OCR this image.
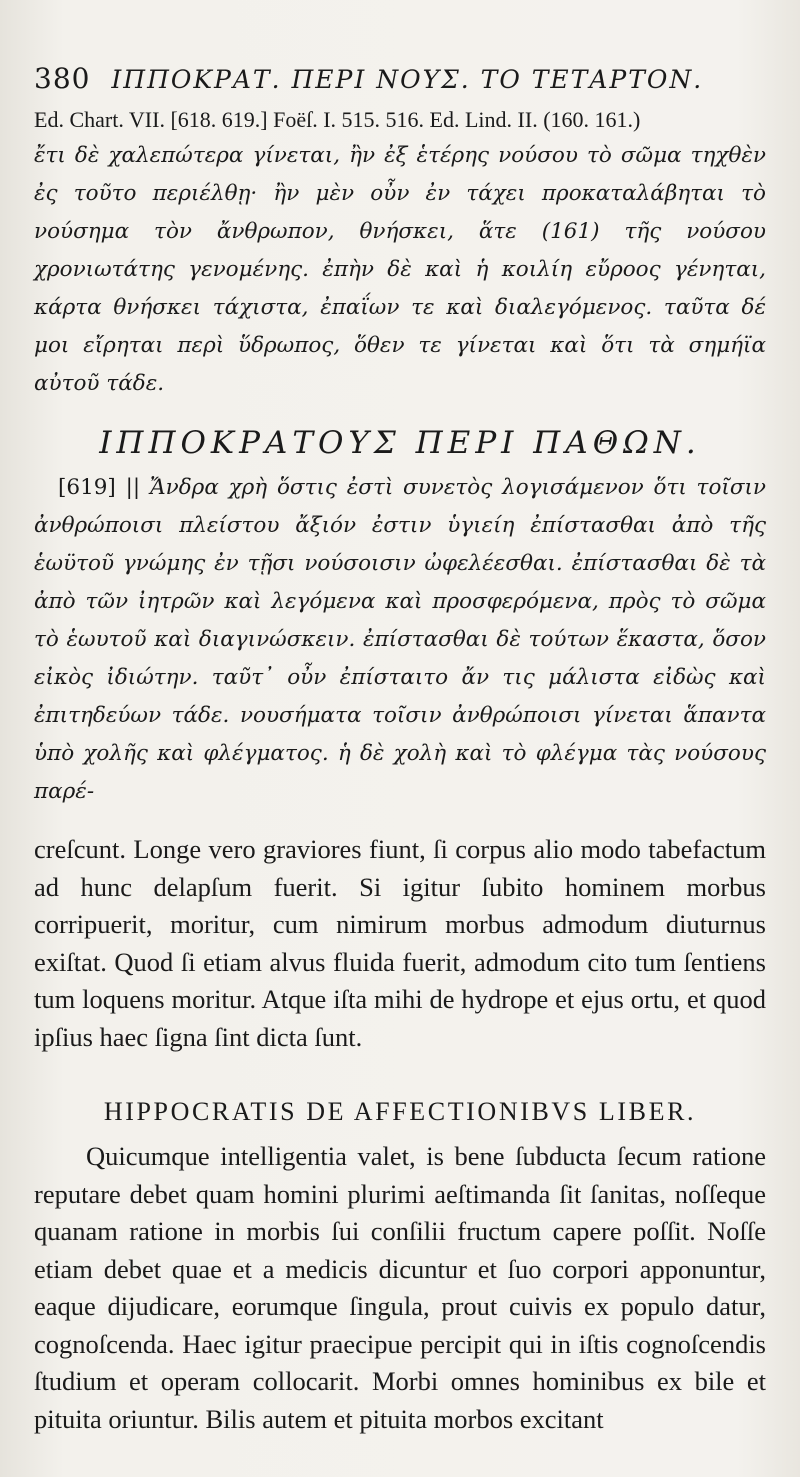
380 ΙΠΠΟΚΡΑΤ. ΠΕΡΙ ΝΟΥΣ. ΤΟ ΤΕΤΑΡΤΟΝ.
Ed. Chart. VII. [618. 619.] Foëſ. I. 515. 516. Ed. Lind. II. (160. 161.)

ἔτι δὲ χαλεπώτερα γίνεται, ἢν ἐξ ἑτέρης νούσου τὸ σῶμα τηχθὲν ἐς τοῦτο περιέλθῃ· ἢν μὲν οὖν ἐν τάχει προκαταλάβηται τὸ νούσημα τὸν ἄνθρωπον, θνήσκει, ἅτε (161) τῆς νούσου χρονιωτάτης γενομένης. ἐπὴν δὲ καὶ ἡ κοιλίη εὔροος γένηται, κάρτα θνήσκει τάχιστα, ἐπαΐων τε καὶ διαλεγόμενος. ταῦτα δέ μοι εἴρηται περὶ ὕδρωπος, ὅθεν τε γίνεται καὶ ὅτι τὰ σημήϊα αὐτοῦ τάδε.

ΙΠΠΟΚΡΑΤΟΥΣ ΠΕΡΙ ΠΑΘΩΝ.

[619] || Ἄνδρα χρὴ ὅστις ἐστὶ συνετὸς λογισάμενον ὅτι τοῖσιν ἀνθρώποισι πλείστου ἄξιόν ἐστιν ὑγιείη ἐπίστασθαι ἀπὸ τῆς ἑωϋτοῦ γνώμης ἐν τῇσι νούσοισιν ὠφελέεσθαι. ἐπίστασθαι δὲ τὰ ἀπὸ τῶν ἰητρῶν καὶ λεγόμενα καὶ προσφερόμενα, πρὸς τὸ σῶμα τὸ ἑωυτοῦ καὶ διαγινώσκειν. ἐπίστασθαι δὲ τούτων ἕκαστα, ὅσον εἰκὸς ἰδιώτην. ταῦτ᾽ οὖν ἐπίσταιτο ἄν τις μάλιστα εἰδὼς καὶ ἐπιτηδεύων τάδε. νουσήματα τοῖσιν ἀνθρώποισι γίνεται ἅπαντα ὑπὸ χολῆς καὶ φλέγματος. ἡ δὲ χολὴ καὶ τὸ φλέγμα τὰς νούσους παρέ-

creſcunt. Longe vero graviores fiunt, ſi corpus alio modo tabefactum ad hunc delapſum fuerit. Si igitur ſubito hominem morbus corripuerit, moritur, cum nimirum morbus admodum diuturnus exiſtat. Quod ſi etiam alvus fluida fuerit, admodum cito tum ſentiens tum loquens moritur. Atque iſta mihi de hydrope et ejus ortu, et quod ipſius haec ſigna ſint dicta ſunt.

HIPPOCRATIS DE AFFECTIONIBVS LIBER.

Quicumque intelligentia valet, is bene ſubducta ſecum ratione reputare debet quam homini plurimi aeſtimanda ſit ſanitas, noſſeque quanam ratione in morbis ſui conſilii fructum capere poſſit. Noſſe etiam debet quae et a medicis dicuntur et ſuo corpori apponuntur, eaque dijudicare, eorumque ſingula, prout cuivis ex populo datur, cognoſcenda. Haec igitur praecipue percipit qui in iſtis cognoſcendis ſtudium et operam collocarit. Morbi omnes hominibus ex bile et pituita oriuntur. Bilis autem et pituita morbos excitant
